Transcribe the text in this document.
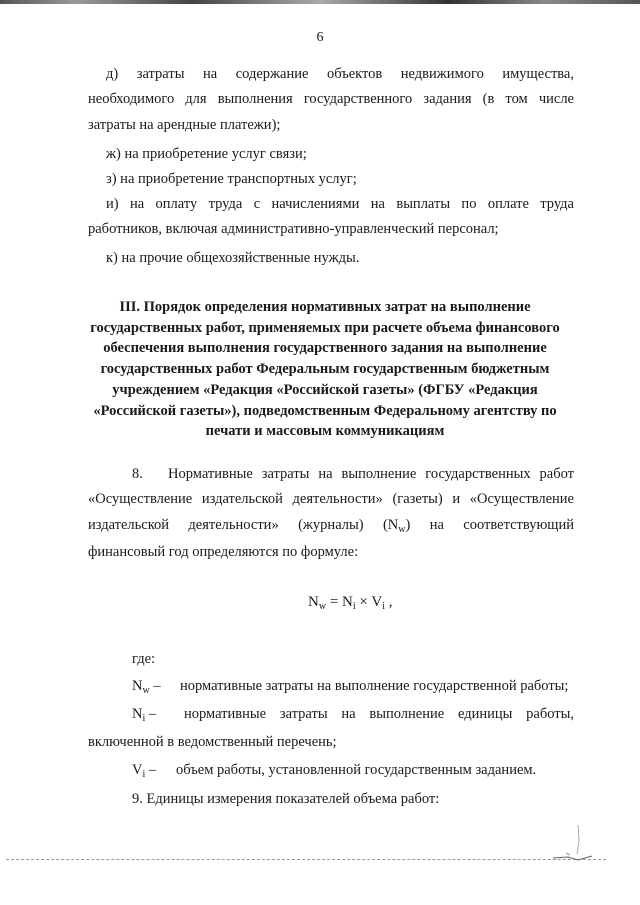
6
д) затраты на содержание объектов недвижимого имущества,
необходимого для выполнения государственного задания (в том числе
затраты на арендные платежи);
ж) на приобретение услуг связи;
з) на приобретение транспортных услуг;
и) на оплату труда с начислениями на выплаты по оплате труда
работников, включая административно-управленческий персонал;
к) на прочие общехозяйственные нужды.
III. Порядок определения нормативных затрат на выполнение
государственных работ, применяемых при расчете объема финансового
обеспечения выполнения государственного задания на выполнение
государственных работ Федеральным государственным бюджетным
учреждением «Редакция «Российской газеты» (ФГБУ «Редакция
«Российской газеты»), подведомственным Федеральному агентству по
печати и массовым коммуникациям
8. Нормативные затраты на выполнение государственных работ
«Осуществление издательской деятельности» (газеты) и «Осуществление
издательской деятельности» (журналы) $(N_w)$ на соответствующий
финансовый год определяются по формуле:
$N_w = N_i \times V_i$ ,
где:
$N_w$ – нормативные затраты на выполнение государственной работы;
$N_i$ – нормативные затраты на выполнение единицы работы,
включенной в ведомственный перечень;
$V_i$ – объем работы, установленной государственным заданием.
9. Единицы измерения показателей объема работ:
